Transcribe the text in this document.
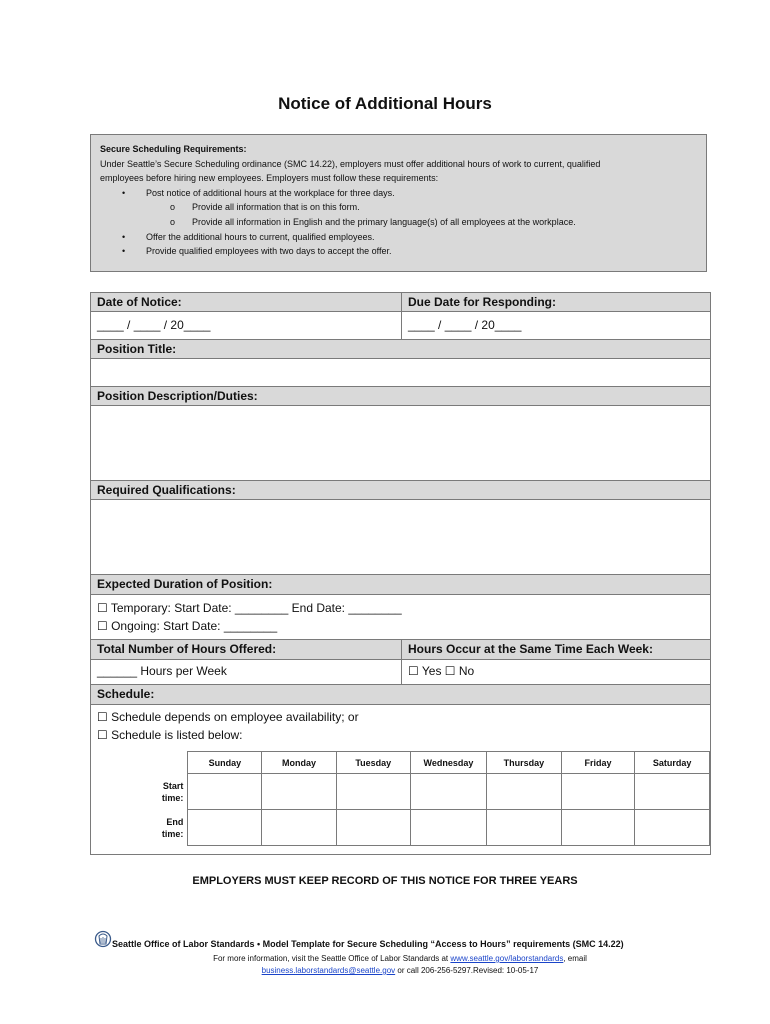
Notice of Additional Hours
Secure Scheduling Requirements:
Under Seattle’s Secure Scheduling ordinance (SMC 14.22), employers must offer additional hours of work to current, qualified
employees before hiring new employees. Employers must follow these requirements:
• Post notice of additional hours at the workplace for three days.
o Provide all information that is on this form.
o Provide all information in English and the primary language(s) of all employees at the workplace.
• Offer the additional hours to current, qualified employees.
• Provide qualified employees with two days to accept the offer.
Date of Notice:	Due Date for Responding:
____ / ____ / 20____	____ / ____ / 20____
Position Title:
Position Description/Duties:
Required Qualifications:
Expected Duration of Position:
☐ Temporary: Start Date: ________ End Date: ________
☐ Ongoing: Start Date: ________
Total Number of Hours Offered:	Hours Occur at the Same Time Each Week:
______ Hours per Week	☐ Yes ☐ No
Schedule:
☐ Schedule depends on employee availability; or
☐ Schedule is listed below:
	Sunday	Monday	Tuesday	Wednesday	Thursday	Friday	Saturday

Start
time:							

End
time:							

EMPLOYERS MUST KEEP RECORD OF THIS NOTICE FOR THREE YEARS
Seattle Office of Labor Standards • Model Template for Secure Scheduling “Access to Hours” requirements (SMC 14.22)
For more information, visit the Seattle Office of Labor Standards at www.seattle.gov/laborstandards, email
business.laborstandards@seattle.gov or call 206-256-5297.Revised: 10-05-17
